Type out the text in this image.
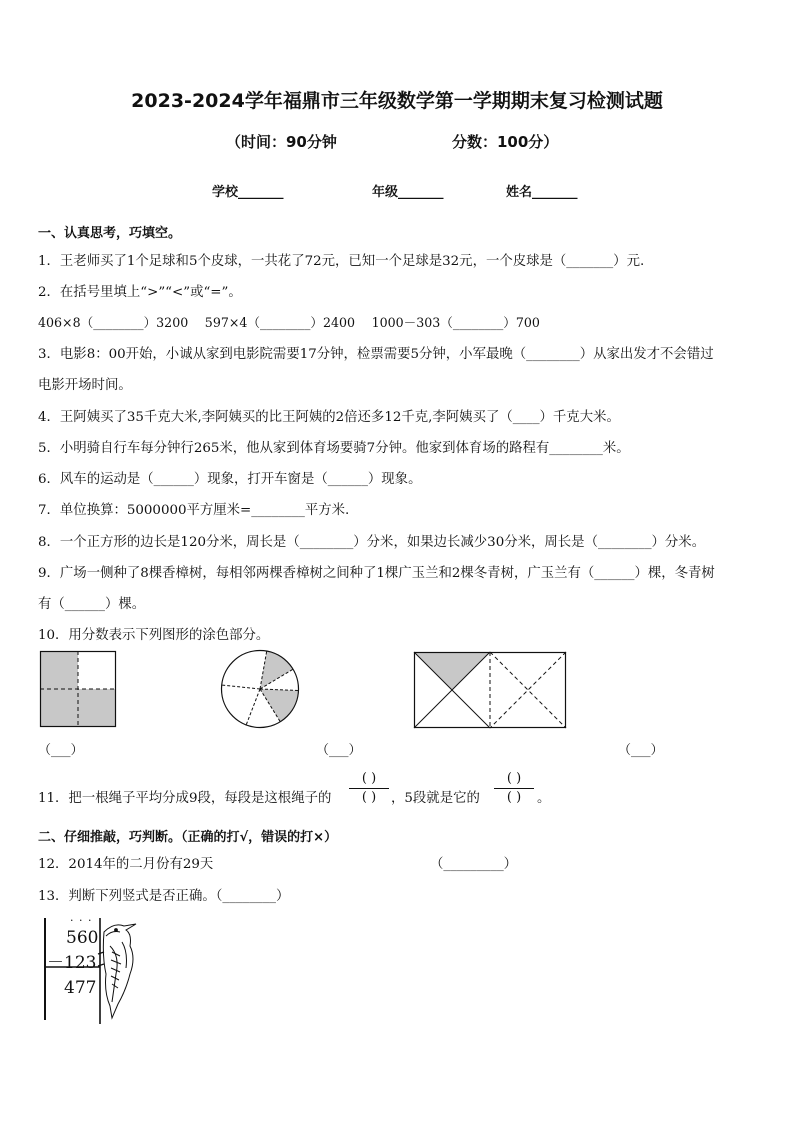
2023-2024学年福鼎市三年级数学第一学期期末复习检测试题
（时间：90分钟	分数：100分）
学校_______	年级_______	姓名_______
一、认真思考，巧填空。
1．王老师买了1个足球和5个皮球，一共花了72元，已知一个足球是32元，一个皮球是（_______）元.
2．在括号里填上“>”“<”或“=”。
406×8（________）3200　 597×4（________）2400　 1000－303（________）700
3．电影8：00开始，小诚从家到电影院需要17分钟，检票需要5分钟，小军最晚（________）从家出发才不会错过
电影开场时间。
4．王阿姨买了35千克大米,李阿姨买的比王阿姨的2倍还多12千克,李阿姨买了（____）千克大米。
5．小明骑自行车每分钟行265米，他从家到体育场要骑7分钟。他家到体育场的路程有________米。
6．风车的运动是（______）现象，打开车窗是（______）现象。
7．单位换算：5000000平方厘米=________平方米.
8．一个正方形的边长是120分米，周长是（________）分米，如果边长减少30分米，周长是（________）分米。
9．广场一侧种了8棵香樟树，每相邻两棵香樟树之间种了1棵广玉兰和2棵冬青树，广玉兰有（______）棵，冬青树
有（______）棵。
10．用分数表示下列图形的涂色部分。
（___）	（___）	（___）
11．把一根绳子平均分成9段，每段是这根绳子的
( )
( )	，5段就是它的
( )
( )	。
二、仔细推敲，巧判断。（正确的打√，错误的打×）
12．2014年的二月份有29天	（_________）
13．判断下列竖式是否正确。（________）
· · ·
560
－123
477
